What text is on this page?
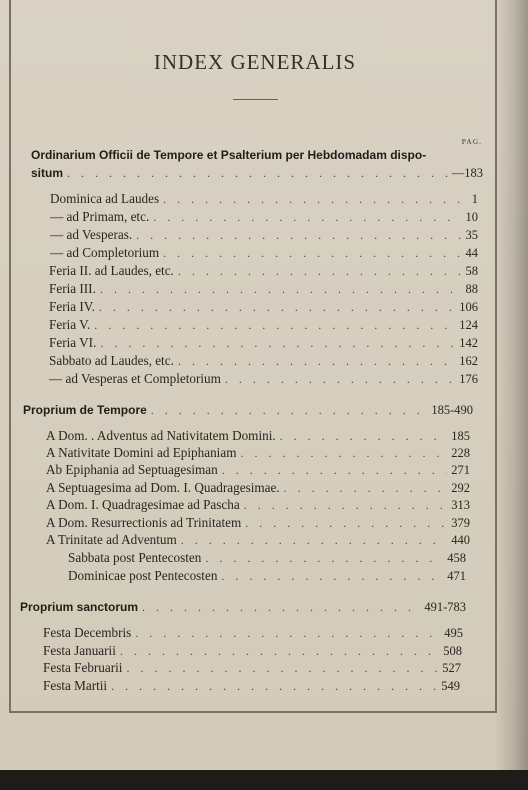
INDEX GENERALIS
PAG.
Ordinarium Officii de Tempore et Psalterium per Hebdomadam dispo-
situm . . .	—183
Dominica ad Laudes . . .	1
— ad Primam, etc. . . .	10
— ad Vesperas. . . .	35
— ad Completorium . . .	44
Feria II. ad Laudes, etc. . . .	58
Feria III. . . .	88
Feria IV. . . .	106
Feria V. . . .	124
Feria VI. . . .	142
Sabbato ad Laudes, etc. . . .	162
— ad Vesperas et Completorium . . .	176
Proprium de Tempore . . .	185-490
A Dom. . Adventus ad Nativitatem Domini. . . .	185
A Nativitate Domini ad Epiphaniam . . .	228
Ab Epiphania ad Septuagesiman . . .	271
A Septuagesima ad Dom. I. Quadragesimae. . . .	292
A Dom. I. Quadragesimae ad Pascha . . .	313
A Dom. Resurrectionis ad Trinitatem . . .	379
A Trinitate ad Adventum . . .	440
Sabbata post Pentecosten . . .	458
Dominicae post Pentecosten . . .	471
Proprium sanctorum . . .	491-783
Festa Decembris . . .	495
Festa Januarii . . .	508
Festa Februarii . . .	527
Festa Martii . . .	549
